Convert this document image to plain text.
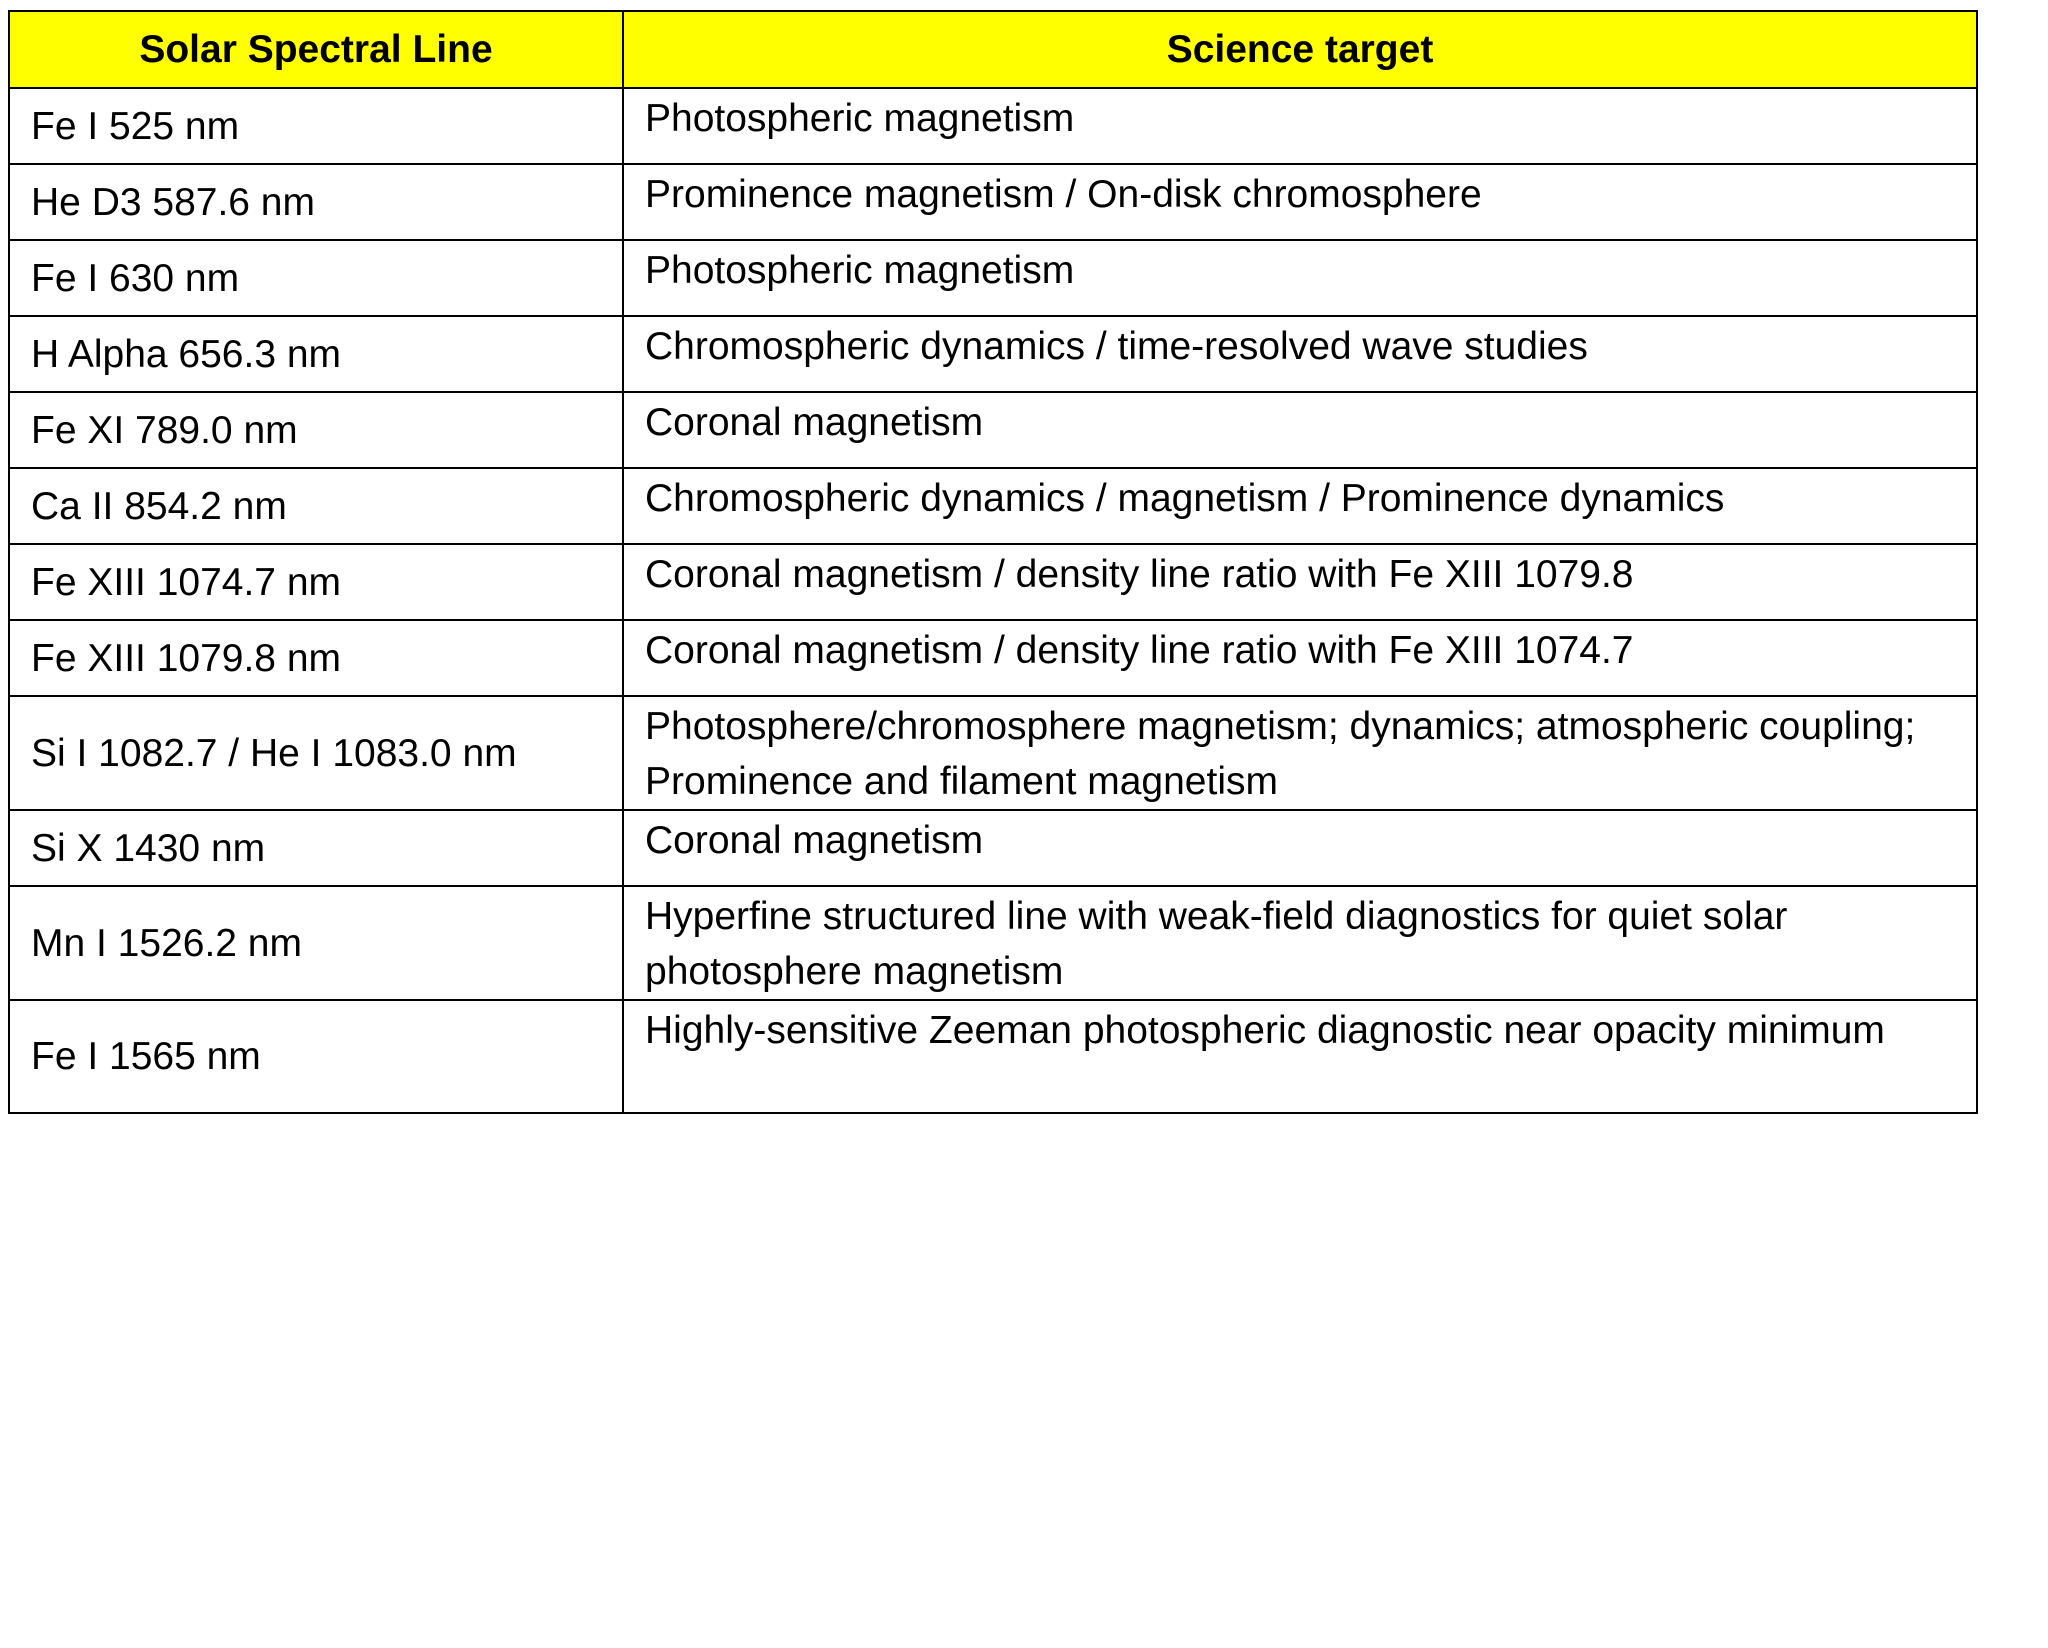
Solar Spectral Line	Science target
Fe I 525 nm	Photospheric magnetism
He D3 587.6 nm	Prominence magnetism / On-disk chromosphere
Fe I 630 nm	Photospheric magnetism
H Alpha 656.3 nm	Chromospheric dynamics / time-resolved wave studies
Fe XI 789.0 nm	Coronal magnetism
Ca II 854.2 nm	Chromospheric dynamics / magnetism / Prominence dynamics
Fe XIII 1074.7 nm	Coronal magnetism / density line ratio with Fe XIII 1079.8
Fe XIII 1079.8 nm	Coronal magnetism / density line ratio with Fe XIII 1074.7
Si I 1082.7 / He I 1083.0 nm	Photosphere/chromosphere magnetism; dynamics; atmospheric coupling; Prominence and filament magnetism
Si X 1430 nm	Coronal magnetism
Mn I 1526.2 nm	Hyperfine structured line with weak-field diagnostics for quiet solar photosphere magnetism
Fe I 1565 nm	Highly-sensitive Zeeman photospheric diagnostic near opacity minimum
